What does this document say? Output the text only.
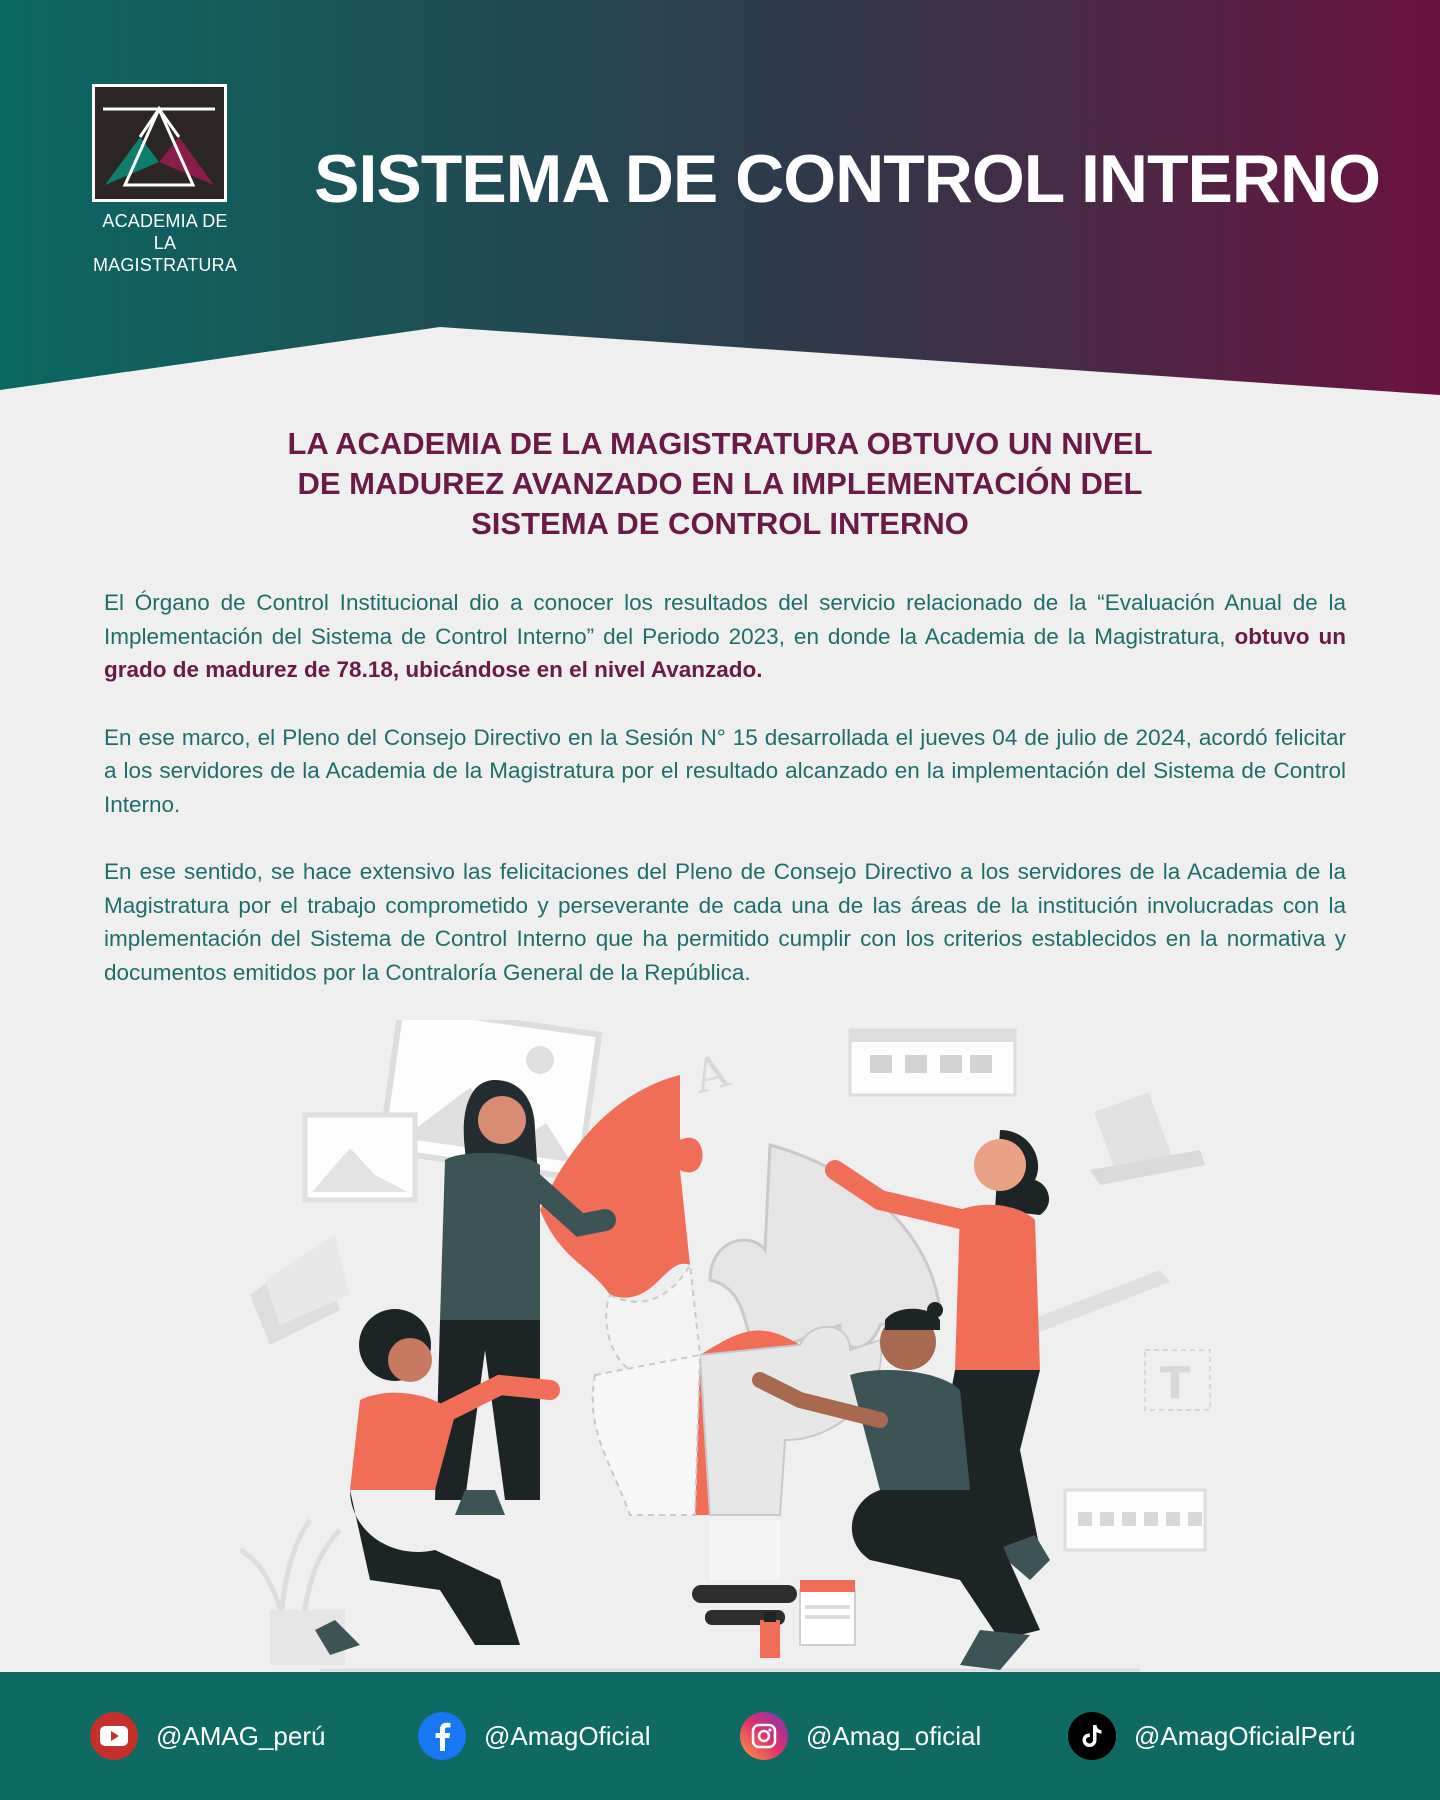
ACADEMIA DE
LA MAGISTRATURA
SISTEMA DE CONTROL INTERNO
LA ACADEMIA DE LA MAGISTRATURA OBTUVO UN NIVEL
DE MADUREZ AVANZADO EN LA IMPLEMENTACIÓN DEL
SISTEMA DE CONTROL INTERNO

El Órgano de Control Institucional dio a conocer los resultados del servicio relacionado de la “Evaluación Anual de la Implementación del Sistema de Control Interno” del Periodo 2023, en donde la Academia de la Magistratura, obtuvo un grado de madurez de 78.18, ubicándose en el nivel Avanzado.

En ese marco, el Pleno del Consejo Directivo en la Sesión N° 15 desarrollada el jueves 04 de julio de 2024, acordó felicitar a los servidores de la Academia de la Magistratura por el resultado alcanzado en la implementación del Sistema de Control Interno.

En ese sentido, se hace extensivo las felicitaciones del Pleno de Consejo Directivo a los servidores de la Academia de la Magistratura por el trabajo comprometido y perseverante de cada una de las áreas de la institución involucradas con la implementación del Sistema de Control Interno que ha permitido cumplir con los criterios establecidos en la normativa y documentos emitidos por la Contraloría General de la República.

A
T
@AMAG_perú	@AmagOficial	@Amag_oficial	@AmagOficialPerú
